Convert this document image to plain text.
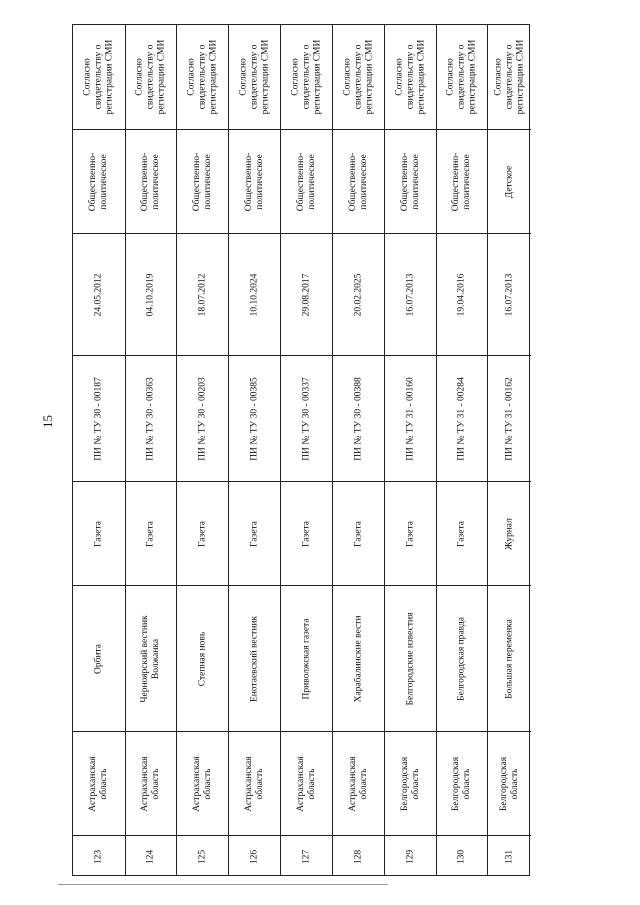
15
Согласно свидетельству о регистрации СМИ
Общественно- политическое
24.05.2012
ПИ № ТУ 30 - 00187
Газета
Орбита
Астраханская область
123
Согласно свидетельству о регистрации СМИ
Общественно- политическое
04.10.2019
ПИ № ТУ 30 - 00363
Газета
Черноярский вестник Волжанка
Астраханская область
124
Согласно свидетельству о регистрации СМИ
Общественно- политическое
18.07.2012
ПИ № ТУ 30 - 00203
Газета
Степная новь
Астраханская область
125
Согласно свидетельству о регистрации СМИ
Общественно- политическое
10.10.2024
ПИ № ТУ 30 - 00385
Газета
Енотаевский вестник
Астраханская область
126
Согласно свидетельству о регистрации СМИ
Общественно- политическое
29.08.2017
ПИ № ТУ 30 - 00337
Газета
Приволжская газета
Астраханская область
127
Согласно свидетельству о регистрации СМИ
Общественно- политическое
20.02.2025
ПИ № ТУ 30 - 00388
Газета
Харабалинские вести
Астраханская область
128
Согласно свидетельству о регистрации СМИ
Общественно- политическое
16.07.2013
ПИ № ТУ 31 - 00160
Газета
Белгородские известия
Белгородская область
129
Согласно свидетельству о регистрации СМИ
Общественно- политическое
19.04.2016
ПИ № ТУ 31 - 00284
Газета
Белгородская правда
Белгородская область
130
Согласно свидетельству о регистрации СМИ
Детское
16.07.2013
ПИ № ТУ 31 - 00162
Журнал
Большая переменка
Белгородская область
131
